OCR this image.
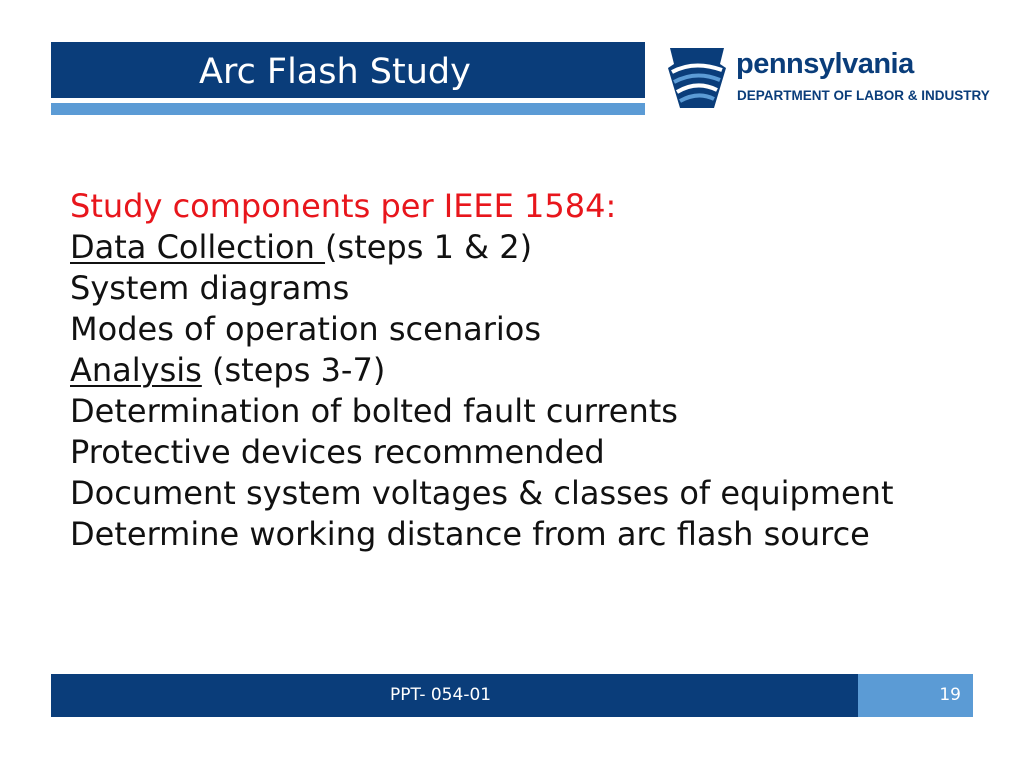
Arc Flash Study	pennsylvania
DEPARTMENT OF LABOR & INDUSTRY
Study components per IEEE 1584:
Data Collection (steps 1 & 2)
System diagrams
Modes of operation scenarios
Analysis (steps 3-7)
Determination of bolted fault currents
Protective devices recommended
Document system voltages & classes of equipment
Determine working distance from arc flash source
PPT- 054-01	19
